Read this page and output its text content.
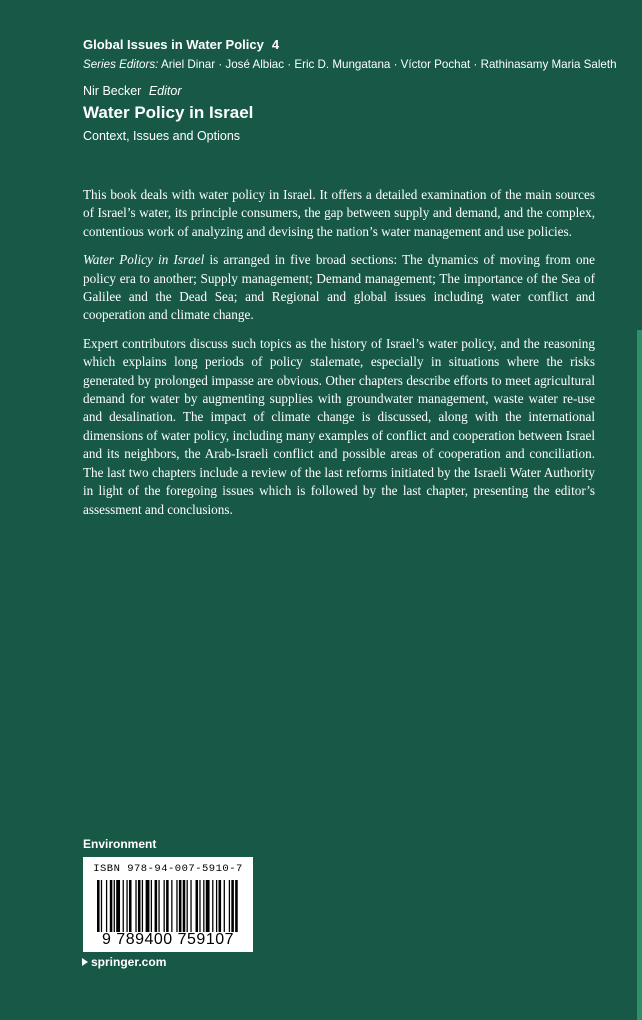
Global Issues in Water Policy 4
Series Editors: Ariel Dinar · José Albiac · Eric D. Mungatana · Víctor Pochat · Rathinasamy Maria Saleth
Nir Becker Editor
Water Policy in Israel
Context, Issues and Options

This book deals with water policy in Israel. It offers a detailed examination of the main sources of Israel’s water, its principle consumers, the gap between supply and demand, and the complex, contentious work of analyzing and devising the nation’s water management and use policies.

Water Policy in Israel is arranged in five broad sections: The dynamics of moving from one policy era to another; Supply management; Demand management; The importance of the Sea of Galilee and the Dead Sea; and Regional and global issues including water conflict and cooperation and climate change.

Expert contributors discuss such topics as the history of Israel’s water policy, and the reasoning which explains long periods of policy stalemate, especially in situations where the risks generated by prolonged impasse are obvious. Other chapters describe efforts to meet agricultural demand for water by augmenting supplies with groundwater management, waste water re-use and desalination. The impact of climate change is discussed, along with the international dimensions of water policy, including many examples of conflict and cooperation between Israel and its neighbors, the Arab-Israeli conflict and possible areas of cooperation and conciliation. The last two chapters include a review of the last reforms initiated by the Israeli Water Authority in light of the foregoing issues which is followed by the last chapter, presenting the editor’s assessment and conclusions.

Environment
ISBN 978-94-007-5910-7
9 789400 759107
springer.com
